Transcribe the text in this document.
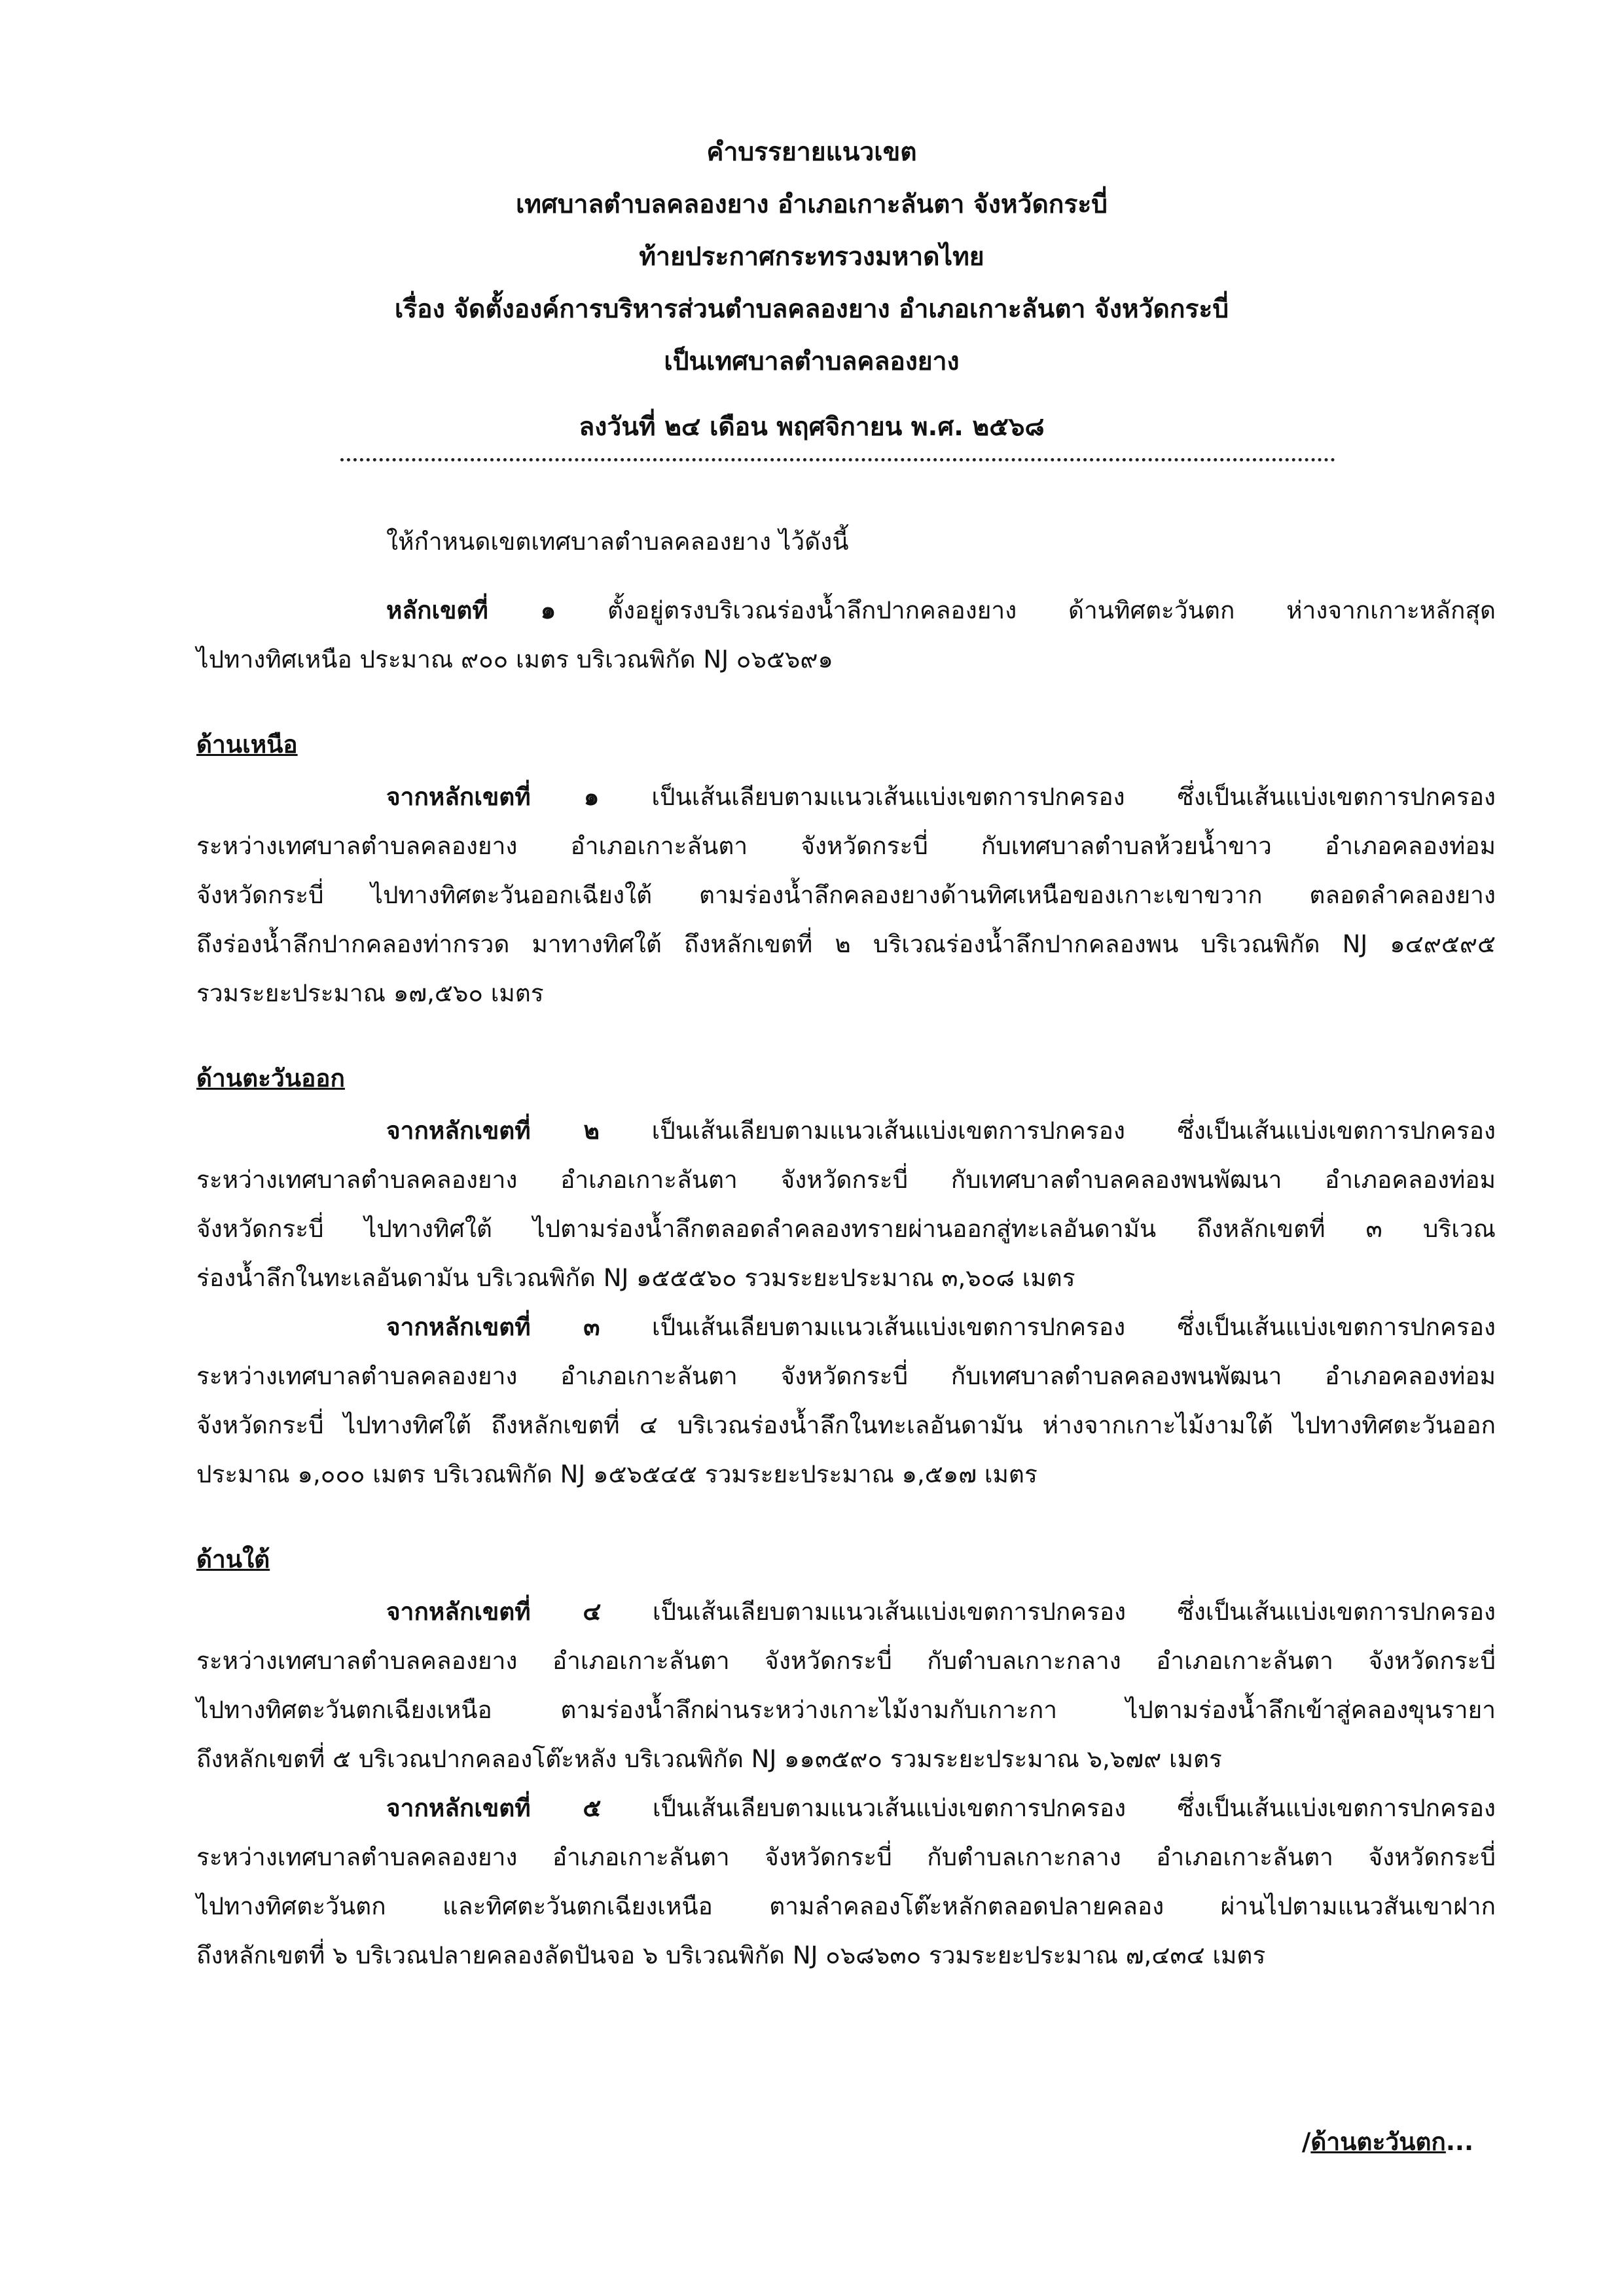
คำบรรยายแนวเขต
เทศบาลตำบลคลองยาง อำเภอเกาะลันตา จังหวัดกระบี่
ท้ายประกาศกระทรวงมหาดไทย
เรื่อง จัดตั้งองค์การบริหารส่วนตำบลคลองยาง อำเภอเกาะลันตา จังหวัดกระบี่
เป็นเทศบาลตำบลคลองยาง
ลงวันที่ ๒๔ เดือน พฤศจิกายน พ.ศ. ๒๕๖๘
ให้กำหนดเขตเทศบาลตำบลคลองยาง ไว้ดังนี้
หลักเขตที่ ๑ ตั้งอยู่ตรงบริเวณร่องน้ำลึกปากคลองยาง ด้านทิศตะวันตก ห่างจากเกาะหลักสุด
ไปทางทิศเหนือ ประมาณ ๙๐๐ เมตร บริเวณพิกัด NJ ๐๖๕๖๙๑
ด้านเหนือ
จากหลักเขตที่ ๑ เป็นเส้นเลียบตามแนวเส้นแบ่งเขตการปกครอง ซึ่งเป็นเส้นแบ่งเขตการปกครอง
ระหว่างเทศบาลตำบลคลองยาง อำเภอเกาะลันตา จังหวัดกระบี่ กับเทศบาลตำบลห้วยน้ำขาว อำเภอคลองท่อม
จังหวัดกระบี่ ไปทางทิศตะวันออกเฉียงใต้ ตามร่องน้ำลึกคลองยางด้านทิศเหนือของเกาะเขาขวาก ตลอดลำคลองยาง
ถึงร่องน้ำลึกปากคลองท่ากรวด มาทางทิศใต้ ถึงหลักเขตที่ ๒ บริเวณร่องน้ำลึกปากคลองพน บริเวณพิกัด NJ ๑๔๙๕๙๕
รวมระยะประมาณ ๑๗,๕๖๐ เมตร
ด้านตะวันออก
จากหลักเขตที่ ๒ เป็นเส้นเลียบตามแนวเส้นแบ่งเขตการปกครอง ซึ่งเป็นเส้นแบ่งเขตการปกครอง
ระหว่างเทศบาลตำบลคลองยาง อำเภอเกาะลันตา จังหวัดกระบี่ กับเทศบาลตำบลคลองพนพัฒนา อำเภอคลองท่อม
จังหวัดกระบี่ ไปทางทิศใต้ ไปตามร่องน้ำลึกตลอดลำคลองทรายผ่านออกสู่ทะเลอันดามัน ถึงหลักเขตที่ ๓ บริเวณ
ร่องน้ำลึกในทะเลอันดามัน บริเวณพิกัด NJ ๑๕๕๕๖๐ รวมระยะประมาณ ๓,๖๐๘ เมตร
จากหลักเขตที่ ๓ เป็นเส้นเลียบตามแนวเส้นแบ่งเขตการปกครอง ซึ่งเป็นเส้นแบ่งเขตการปกครอง
ระหว่างเทศบาลตำบลคลองยาง อำเภอเกาะลันตา จังหวัดกระบี่ กับเทศบาลตำบลคลองพนพัฒนา อำเภอคลองท่อม
จังหวัดกระบี่ ไปทางทิศใต้ ถึงหลักเขตที่ ๔ บริเวณร่องน้ำลึกในทะเลอันดามัน ห่างจากเกาะไม้งามใต้ ไปทางทิศตะวันออก
ประมาณ ๑,๐๐๐ เมตร บริเวณพิกัด NJ ๑๕๖๕๔๕ รวมระยะประมาณ ๑,๕๑๗ เมตร
ด้านใต้
จากหลักเขตที่ ๔ เป็นเส้นเลียบตามแนวเส้นแบ่งเขตการปกครอง ซึ่งเป็นเส้นแบ่งเขตการปกครอง
ระหว่างเทศบาลตำบลคลองยาง อำเภอเกาะลันตา จังหวัดกระบี่ กับตำบลเกาะกลาง อำเภอเกาะลันตา จังหวัดกระบี่
ไปทางทิศตะวันตกเฉียงเหนือ ตามร่องน้ำลึกผ่านระหว่างเกาะไม้งามกับเกาะกา ไปตามร่องน้ำลึกเข้าสู่คลองขุนรายา
ถึงหลักเขตที่ ๕ บริเวณปากคลองโต๊ะหลัง บริเวณพิกัด NJ ๑๑๓๕๙๐ รวมระยะประมาณ ๖,๖๗๙ เมตร
จากหลักเขตที่ ๕ เป็นเส้นเลียบตามแนวเส้นแบ่งเขตการปกครอง ซึ่งเป็นเส้นแบ่งเขตการปกครอง
ระหว่างเทศบาลตำบลคลองยาง อำเภอเกาะลันตา จังหวัดกระบี่ กับตำบลเกาะกลาง อำเภอเกาะลันตา จังหวัดกระบี่
ไปทางทิศตะวันตก และทิศตะวันตกเฉียงเหนือ ตามลำคลองโต๊ะหลักตลอดปลายคลอง ผ่านไปตามแนวสันเขาฝาก
ถึงหลักเขตที่ ๖ บริเวณปลายคลองลัดปันจอ ๖ บริเวณพิกัด NJ ๐๖๘๖๓๐ รวมระยะประมาณ ๗,๔๓๔ เมตร
/ด้านตะวันตก...
